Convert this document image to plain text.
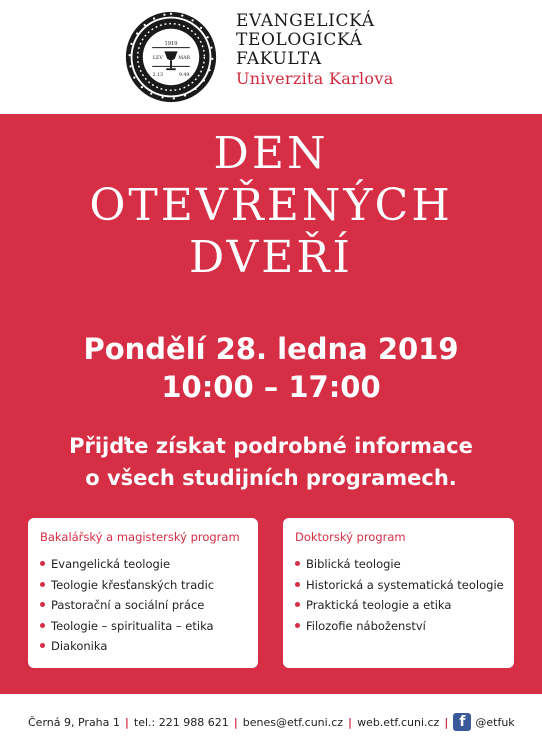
1919
LEV	MAR
2.13	9.49
EVANGELICKÁ
TEOLOGICKÁ
FAKULTA
Univerzita Karlova
DEN
OTEVŘENÝCH
DVEŘÍ
Pondělí 28. ledna 2019
10:00 – 17:00
Přijďte získat podrobné informace
o všech studijních programech.
Bakalářský a magisterský program
Evangelická teologie
Teologie křesťanských tradic
Pastorační a sociální práce
Teologie – spiritualita – etika
Diakonika
Doktorský program
Biblická teologie
Historická a systematická teologie
Praktická teologie a etika
Filozofie náboženství
Černá 9, Praha 1 | tel.: 221 988 621 | benes@etf.cuni.cz | web.etf.cuni.cz | f @etfuk
